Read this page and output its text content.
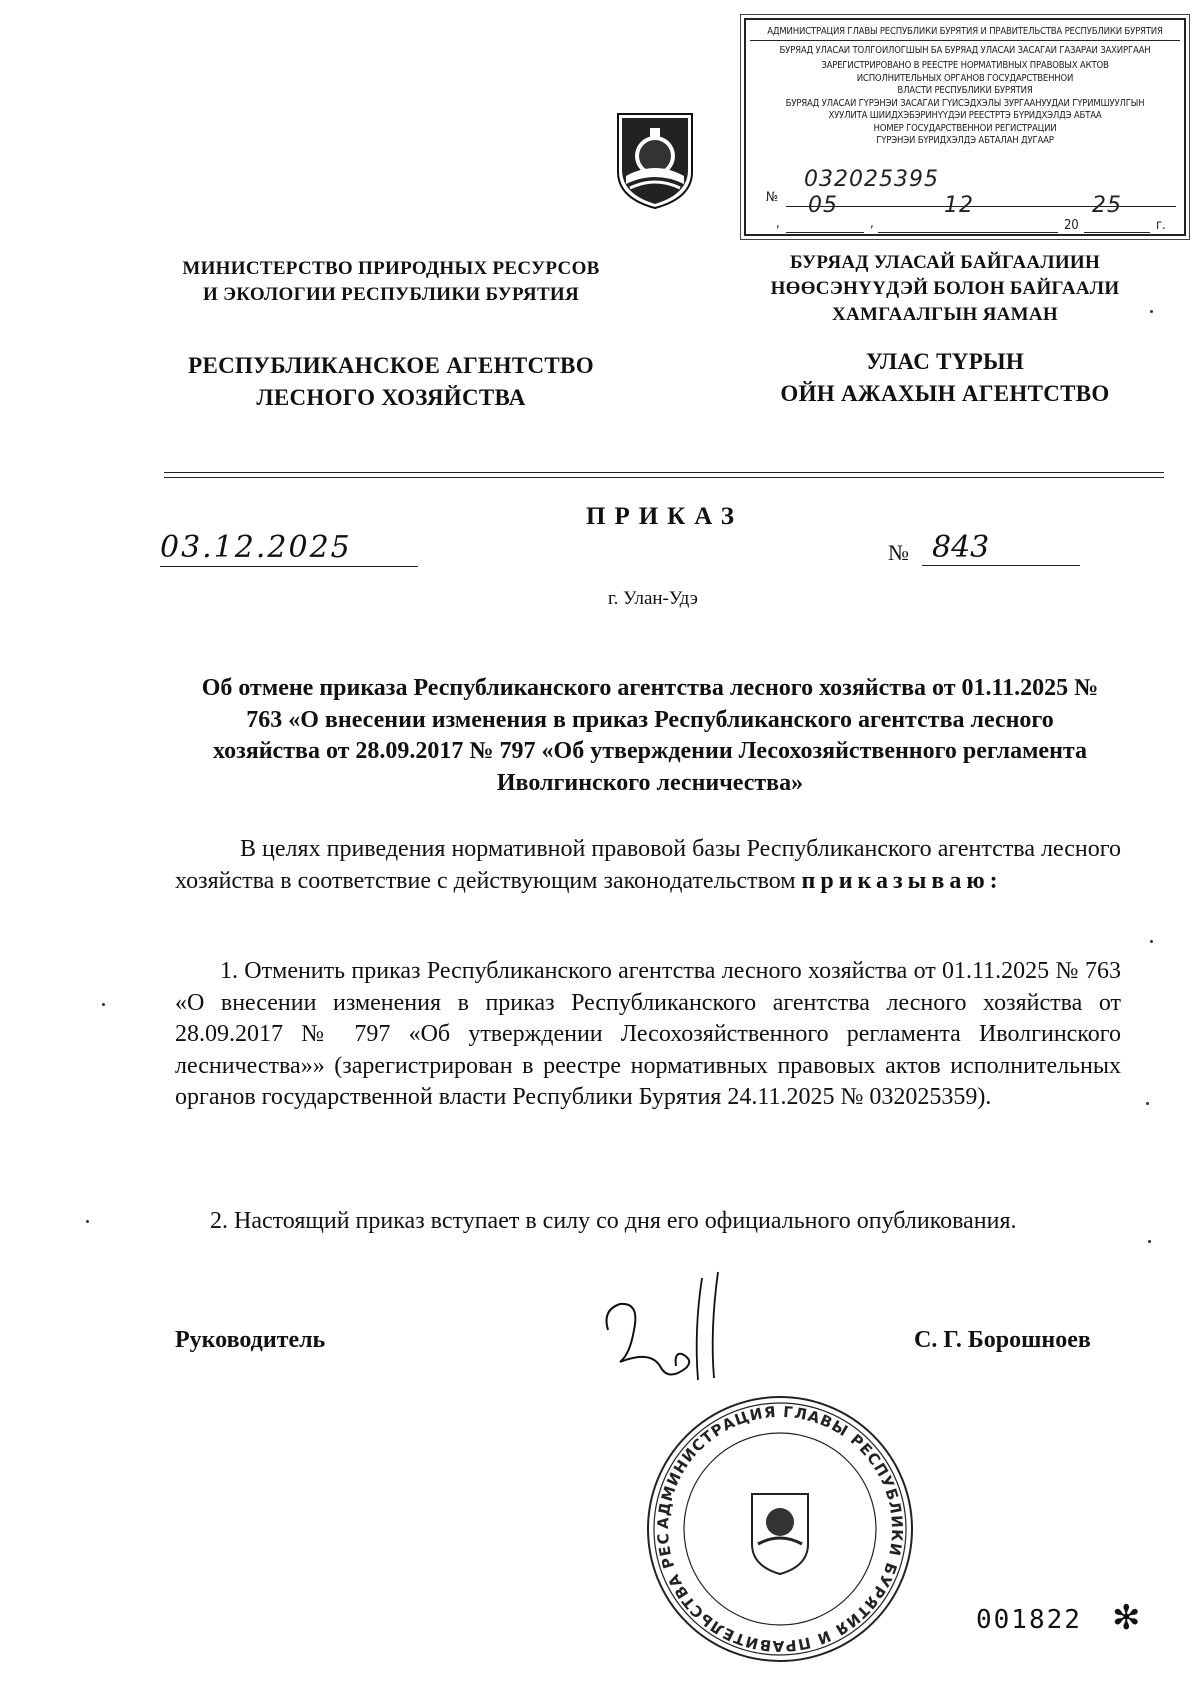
АДМИНИСТРАЦИЯ ГЛАВЫ РЕСПУБЛИКИ БУРЯТИЯ И ПРАВИТЕЛЬСТВА РЕСПУБЛИКИ БУРЯТИЯ
БУРЯАД УЛАСАЙ ТОЛГОЙЛОГШЫН БА БУРЯАД УЛАСАЙ ЗАСАГАЙ ГАЗАРАЙ ЗАХИРГААН
ЗАРЕГИСТРИРОВАНО В РЕЕСТРЕ НОРМАТИВНЫХ ПРАВОВЫХ АКТОВ
ИСПОЛНИТЕЛЬНЫХ ОРГАНОВ ГОСУДАРСТВЕННОЙ
ВЛАСТИ РЕСПУБЛИКИ БУРЯТИЯ
БУРЯАД УЛАСАЙ ГҮРЭНЭЙ ЗАСАГАЙ ГҮЙСЭДХЭЛЫ ЗУРГААНУУДАЙ ГҮРИМШУУЛГЫН
ХУУЛИТА ШИИДХЭБЭРИНҮҮДЭЙ РЕЕСТРТЭ БҮРИДХЭЛДЭ АБТАА
НОМЕР ГОСУДАРСТВЕННОЙ РЕГИСТРАЦИИ
ГҮРЭНЭЙ БҮРИДХЭЛДЭ АБТАЛАН ДУГААР
№
032025395
,
05
,
12
20
25
г.
МИНИСТЕРСТВО ПРИРОДНЫХ РЕСУРСОВ
И ЭКОЛОГИИ РЕСПУБЛИКИ БУРЯТИЯ
РЕСПУБЛИКАНСКОЕ АГЕНТСТВО
ЛЕСНОГО ХОЗЯЙСТВА
БУРЯАД УЛАСАЙ БАЙГААЛИИН
НӨӨСЭНҮҮДЭЙ БОЛОН БАЙГААЛИ
ХАМГААЛГЫН ЯАМАН
УЛАС ТҮРЫН
ОЙН АЖАХЫН АГЕНТСТВО
ПРИКАЗ
03.12.2025	№ 843
г. Улан-Удэ
Об отмене приказа Республиканского агентства лесного хозяйства от 01.11.2025 № 763 «О внесении изменения в приказ Республиканского агентства лесного хозяйства от 28.09.2017 № 797 «Об утверждении Лесохозяйственного регламента Иволгинского лесничества»
В целях приведения нормативной правовой базы Республиканского агентства лесного хозяйства в соответствие с действующим законодательством приказываю:
1. Отменить приказ Республиканского агентства лесного хозяйства от 01.11.2025 № 763 «О внесении изменения в приказ Республиканского агентства лесного хозяйства от 28.09.2017 № 797 «Об утверждении Лесохозяйственного регламента Иволгинского лесничества»» (зарегистрирован в реестре нормативных правовых актов исполнительных органов государственной власти Республики Бурятия 24.11.2025 № 032025359).
2. Настоящий приказ вступает в силу со дня его официального опубликования.
Руководитель	С. Г. Борошноев
АДМИНИСТРАЦИЯ ГЛАВЫ РЕСПУБЛИКИ БУРЯТИЯ И ПРАВИТЕЛЬСТВА РЕС
001822 ✻
